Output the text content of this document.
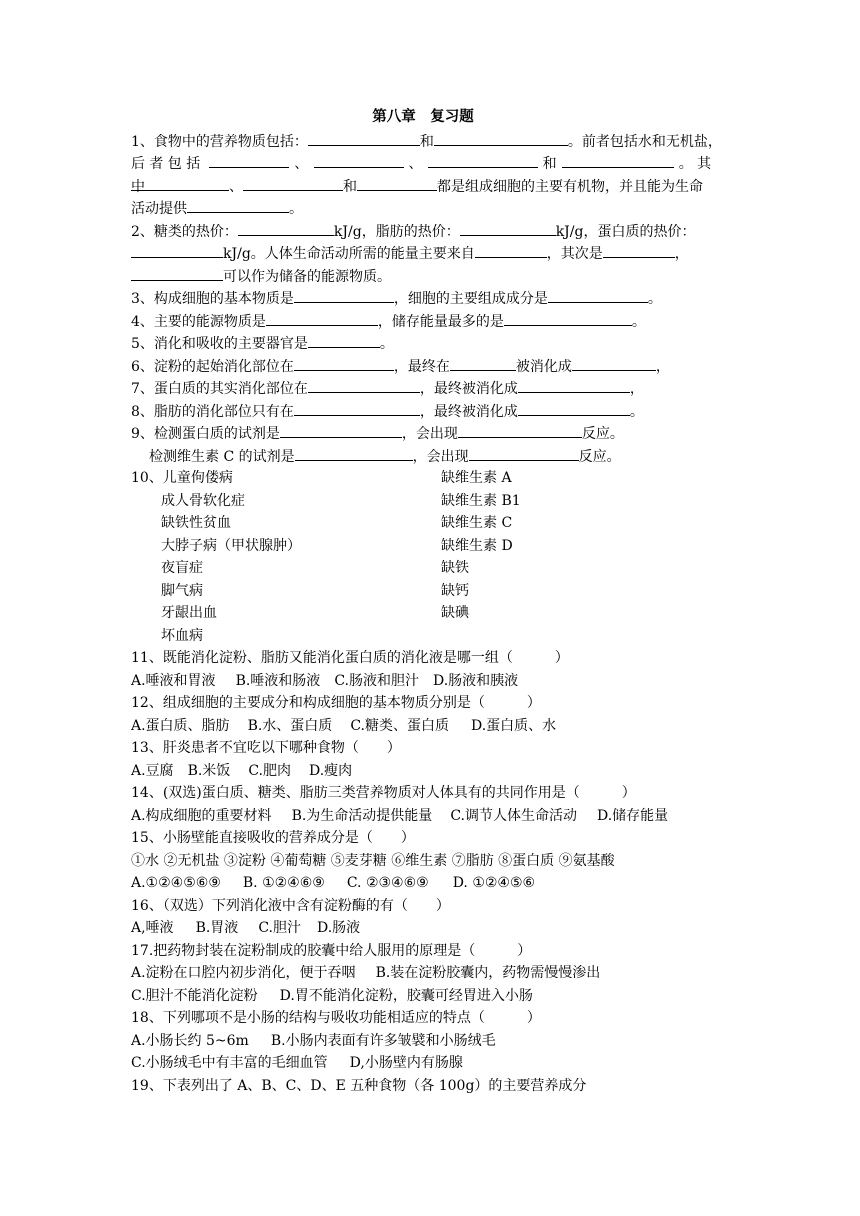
第八章　复习题
1、食物中的营养物质包括：	和	。前者包括水和无机盐，
后者包括	、	、	和	。其中	、	和	都是组成细胞的主要有机物，并且能为生命
活动提供	。
2、糖类的热价：	kJ/g，脂肪的热价：	kJ/g，蛋白质的热价：
kJ/g。人体生命活动所需的能量主要来自	，其次是	，
可以作为储备的能源物质。
3、构成细胞的基本物质是	，细胞的主要组成成分是	。
4、主要的能源物质是	，储存能量最多的是	。
5、消化和吸收的主要器官是	。
6、淀粉的起始消化部位在	，最终在	被消化成	，
7、蛋白质的其实消化部位在	，最终被消化成	，
8、脂肪的消化部位只有在	，最终被消化成	。
9、检测蛋白质的试剂是	，会出现	反应。
检测维生素 C 的试剂是	，会出现	反应。
10、儿童佝偻病	缺维生素 A
成人骨软化症	缺维生素 B1
缺铁性贫血	缺维生素 C
大脖子病（甲状腺肿）	缺维生素 D
夜盲症	缺铁
脚气病	缺钙
牙龈出血	缺碘
坏血病
11、既能消化淀粉、脂肪又能消化蛋白质的消化液是哪一组（　　　）
A.唾液和胃液 B.唾液和肠液 C.肠液和胆汁 D.肠液和胰液
12、组成细胞的主要成分和构成细胞的基本物质分别是（　　　）
A.蛋白质、脂肪 B.水、蛋白质 C.糖类、蛋白质 D.蛋白质、水
13、肝炎患者不宜吃以下哪种食物（　　）
A.豆腐 B.米饭 C.肥肉 D.瘦肉
14、(双选)蛋白质、糖类、脂肪三类营养物质对人体具有的共同作用是（　　　）
A.构成细胞的重要材料 B.为生命活动提供能量 C.调节人体生命活动 D.储存能量
15、小肠壁能直接吸收的营养成分是（　　）
①水 ②无机盐 ③淀粉 ④葡萄糖 ⑤麦芽糖 ⑥维生素 ⑦脂肪 ⑧蛋白质 ⑨氨基酸
A.①②④⑤⑥⑨ B. ①②④⑥⑨ C. ②③④⑥⑨ D. ①②④⑤⑥
16、（双选）下列消化液中含有淀粉酶的有（　　）
A,唾液 B.胃液 C.胆汁 D.肠液
17.把药物封装在淀粉制成的胶囊中给人服用的原理是（　　　）
A.淀粉在口腔内初步消化，便于吞咽 B.装在淀粉胶囊内，药物需慢慢渗出
C.胆汁不能消化淀粉 D.胃不能消化淀粉，胶囊可经胃进入小肠
18、下列哪项不是小肠的结构与吸收功能相适应的特点（　　　）
A.小肠长约 5~6m B.小肠内表面有许多皱襞和小肠绒毛
C.小肠绒毛中有丰富的毛细血管 D,小肠壁内有肠腺
19、下表列出了 A、B、C、D、E 五种食物（各 100g）的主要营养成分
